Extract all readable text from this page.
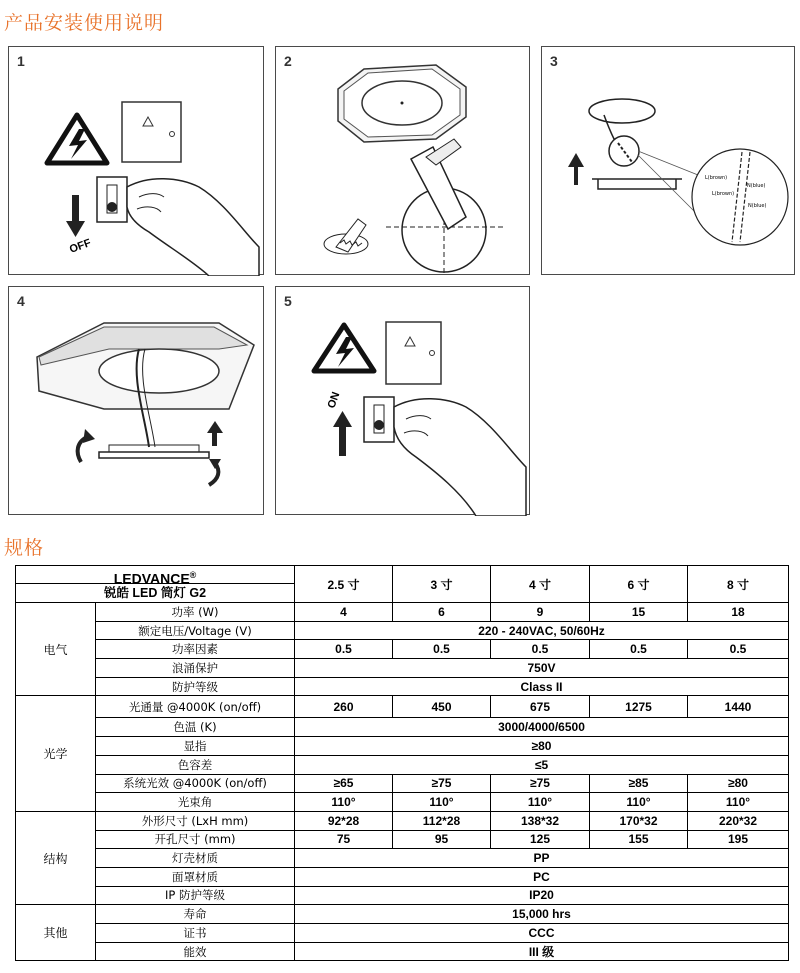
产品安装使用说明
1
OFF
2	3
L(brown)
N(blue)
L(brown)
N(blue)
4	5
ON
规格
LEDVANCE®
锐皓 LED 筒灯 G2		2.5 寸	3 寸	4 寸	6 寸	8 寸
电气	功率 (W)	4	6	9	15	18
	额定电压/Voltage (V)	220 - 240VAC, 50/60Hz				
	功率因素	0.5	0.5	0.5	0.5	0.5
	浪涌保护	750V				
	防护等级	Class II				
光学	光通量 @4000K (on/off)	260	450	675	1275	1440
	色温 (K)	3000/4000/6500				
	显指	≥80				
	色容差	≤5				
	系统光效 @4000K (on/off)	≥65	≥75	≥75	≥85	≥80
	光束角	110°	110°	110°	110°	110°
结构	外形尺寸 (LxH mm)	92*28	112*28	138*32	170*32	220*32
	开孔尺寸 (mm)	75	95	125	155	195
	灯壳材质	PP				
	面罩材质	PC				
	IP 防护等级	IP20				
其他	寿命	15,000 hrs				
	证书	CCC				
	能效	III 级				
